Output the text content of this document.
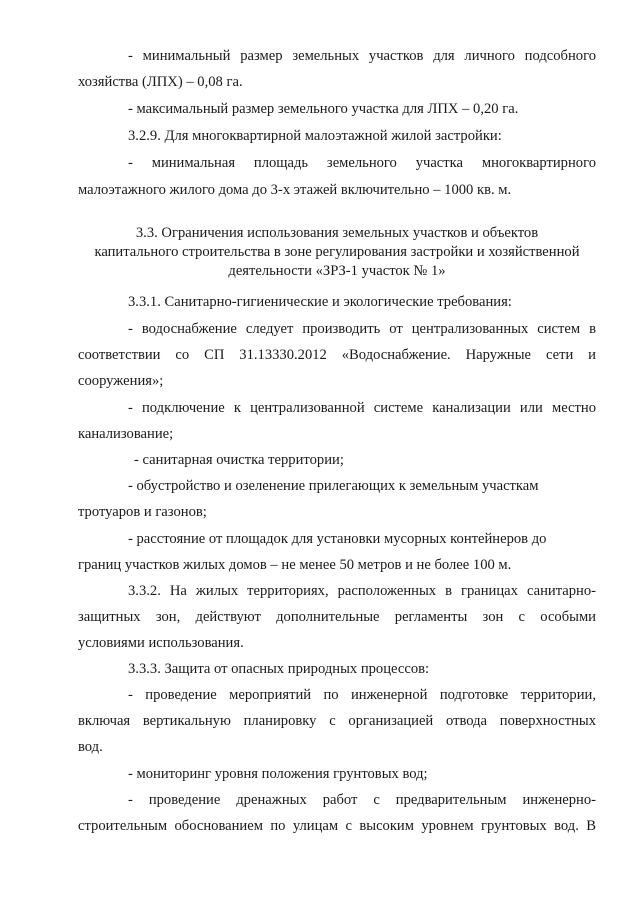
- минимальный размер земельных участков для личного подсобного
хозяйства (ЛПХ) – 0,08 га.
- максимальный размер земельного участка для ЛПХ – 0,20 га.
3.2.9. Для многоквартирной малоэтажной жилой застройки:
- минимальная площадь земельного участка многоквартирного
малоэтажного жилого дома до 3-х этажей включительно – 1000 кв. м.
3.3. Ограничения использования земельных участков и объектов
капитального строительства в зоне регулирования застройки и хозяйственной
деятельности «ЗРЗ-1 участок № 1»
3.3.1. Санитарно-гигиенические и экологические требования:
- водоснабжение следует производить от централизованных систем в
соответствии со СП 31.13330.2012 «Водоснабжение. Наружные сети и
сооружения»;
- подключение к централизованной системе канализации или местно
канализование;
- санитарная очистка территории;
- обустройство и озеленение прилегающих к земельным участкам
тротуаров и газонов;
- расстояние от площадок для установки мусорных контейнеров до
границ участков жилых домов – не менее 50 метров и не более 100 м.
3.3.2. На жилых территориях, расположенных в границах санитарно-
защитных зон, действуют дополнительные регламенты зон с особыми
условиями использования.
3.3.3. Защита от опасных природных процессов:
- проведение мероприятий по инженерной подготовке территории,
включая вертикальную планировку с организацией отвода поверхностных
вод.
- мониторинг уровня положения грунтовых вод;
- проведение дренажных работ с предварительным инженерно-
строительным обоснованием по улицам с высоким уровнем грунтовых вод. В
